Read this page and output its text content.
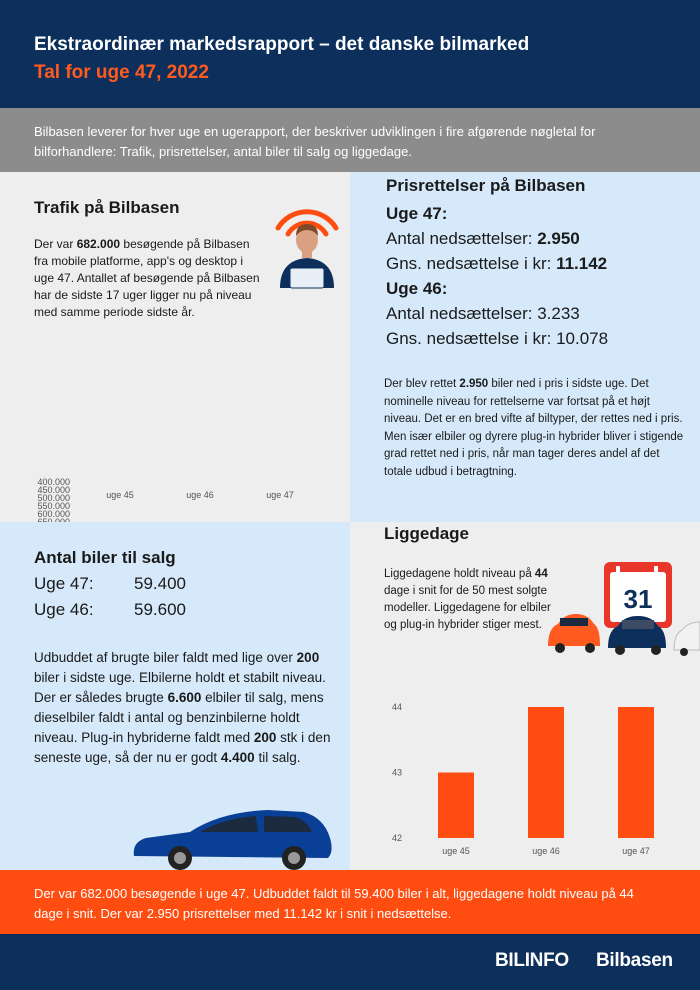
Ekstraordinær markedsrapport – det danske bilmarked
Tal for uge 47, 2022
Bilbasen leverer for hver uge en ugerapport, der beskriver udviklingen i fire afgørende nøgletal for bilforhandlere: Trafik, prisrettelser, antal biler til salg og liggedage.
Trafik på Bilbasen
Der var 682.000 besøgende på Bilbasen fra mobile platforme, app's og desktop i uge 47. Antallet af besøgende på Bilbasen har de sidste 17 uger ligger nu på niveau med samme periode sidste år.
400.000
450.000
500.000
550.000
600.000
uge 45	uge 46	uge 47
Prisrettelser på Bilbasen
Uge 47:
Antal nedsættelser: 2.950
Gns. nedsættelse i kr: 11.142
Uge 46:
Antal nedsættelser: 3.233
Gns. nedsættelse i kr: 10.078
Der blev rettet 2.950 biler ned i pris i sidste uge. Det nominelle niveau for rettelserne var fortsat på et højt niveau. Det er en bred vifte af biltyper, der rettes ned i pris. Men især elbiler og dyrere plug-in hybrider bliver i stigende grad rettet ned i pris, når man tager deres andel af det totale udbud i betragtning.
Antal biler til salg
Uge 47: 59.400
Uge 46: 59.600
Udbuddet af brugte biler faldt med lige over 200 biler i sidste uge. Elbilerne holdt et stabilt niveau. Der er således brugte 6.600 elbiler til salg, mens dieselbiler faldt i antal og benzinbilerne holdt niveau. Plug-in hybriderne faldt med 200 stk i den seneste uge, så der nu er godt 4.400 til salg.
Liggedage
Liggedagene holdt niveau på 44 dage i snit for de 50 mest solgte modeller. Liggedagene for elbiler og plug-in hybrider stiger mest.
31
42
43
44
uge 45	uge 46	uge 47
Der var 682.000 besøgende i uge 47. Udbuddet faldt til 59.400 biler i alt, liggedagene holdt niveau på 44 dage i snit. Der var 2.950 prisrettelser med 11.142 kr i snit i nedsættelse.
BILINFO Bilbasen
